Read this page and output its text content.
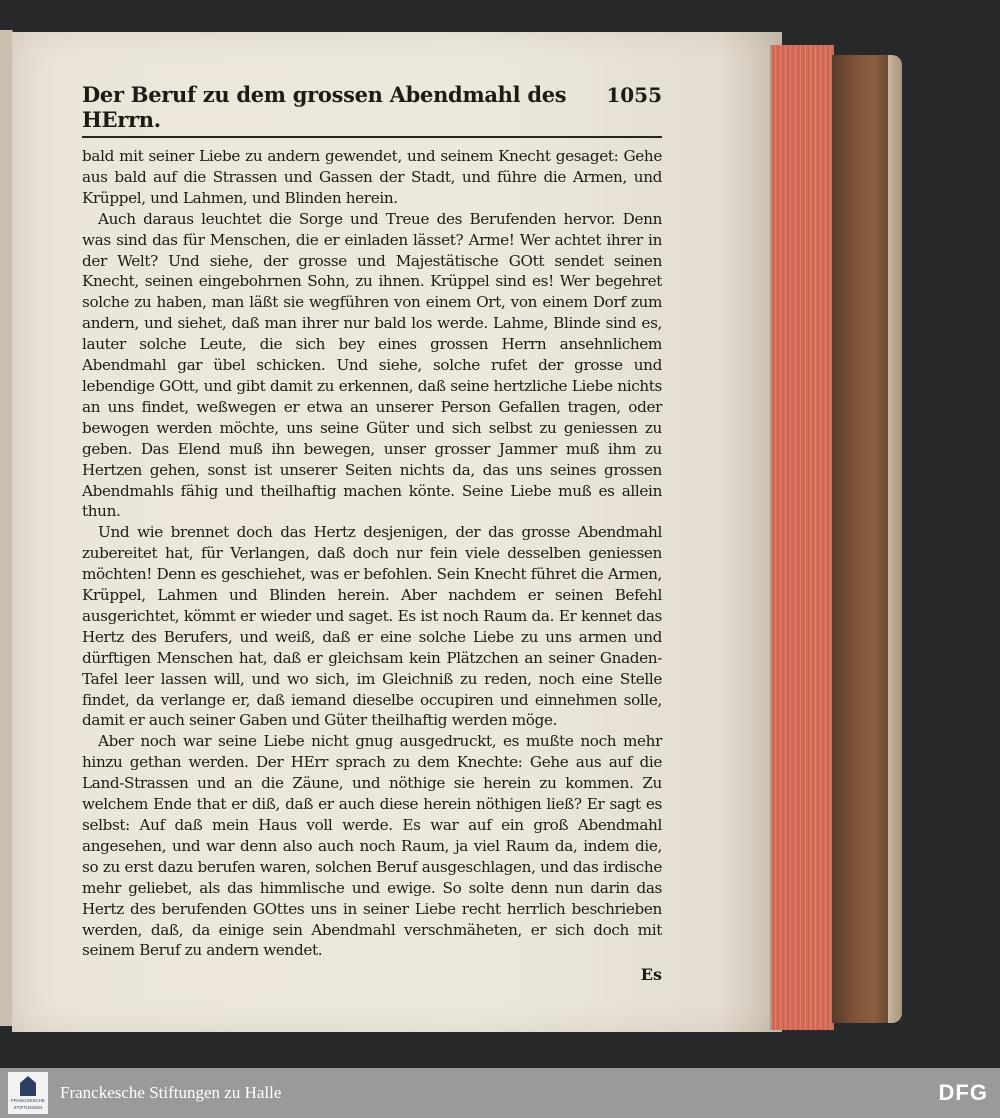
Der Beruf zu dem grossen Abendmahl des HErrn.
1055

bald mit seiner Liebe zu andern gewendet, und seinem Knecht gesaget: Gehe aus bald auf die Strassen und Gassen der Stadt, und führe die Armen, und Krüppel, und Lahmen, und Blinden herein.

Auch daraus leuchtet die Sorge und Treue des Berufenden hervor. Denn was sind das für Menschen, die er einladen lässet? Arme! Wer achtet ihrer in der Welt? Und siehe, der grosse und Majestätische GOtt sendet seinen Knecht, seinen eingebohrnen Sohn, zu ihnen. Krüppel sind es! Wer begehret solche zu haben, man läßt sie wegführen von einem Ort, von einem Dorf zum andern, und siehet, daß man ihrer nur bald los werde. Lahme, Blinde sind es, lauter solche Leute, die sich bey eines grossen Herrn ansehnlichem Abendmahl gar übel schicken. Und siehe, solche rufet der grosse und lebendige GOtt, und gibt damit zu erkennen, daß seine hertzliche Liebe nichts an uns findet, weßwegen er etwa an unserer Person Gefallen tragen, oder bewogen werden möchte, uns seine Güter und sich selbst zu geniessen zu geben. Das Elend muß ihn bewegen, unser grosser Jammer muß ihm zu Hertzen gehen, sonst ist unserer Seiten nichts da, das uns seines grossen Abendmahls fähig und theilhaftig machen könte. Seine Liebe muß es allein thun.

Und wie brennet doch das Hertz desjenigen, der das grosse Abendmahl zubereitet hat, für Verlangen, daß doch nur fein viele desselben geniessen möchten! Denn es geschiehet, was er befohlen. Sein Knecht führet die Armen, Krüppel, Lahmen und Blinden herein. Aber nachdem er seinen Befehl ausgerichtet, kömmt er wieder und saget. Es ist noch Raum da. Er kennet das Hertz des Berufers, und weiß, daß er eine solche Liebe zu uns armen und dürftigen Menschen hat, daß er gleichsam kein Plätzchen an seiner Gnaden-Tafel leer lassen will, und wo sich, im Gleichniß zu reden, noch eine Stelle findet, da verlange er, daß iemand dieselbe occupiren und einnehmen solle, damit er auch seiner Gaben und Güter theilhaftig werden möge.

Aber noch war seine Liebe nicht gnug ausgedruckt, es mußte noch mehr hinzu gethan werden. Der HErr sprach zu dem Knechte: Gehe aus auf die Land-Strassen und an die Zäune, und nöthige sie herein zu kommen. Zu welchem Ende that er diß, daß er auch diese herein nöthigen ließ? Er sagt es selbst: Auf daß mein Haus voll werde. Es war auf ein groß Abendmahl angesehen, und war denn also auch noch Raum, ja viel Raum da, indem die, so zu erst dazu berufen waren, solchen Beruf ausgeschlagen, und das irdische mehr geliebet, als das himmlische und ewige. So solte denn nun darin das Hertz des berufenden GOttes uns in seiner Liebe recht herrlich beschrieben werden, daß, da einige sein Abendmahl verschmäheten, er sich doch mit seinem Beruf zu andern wendet.

Es
FRANCKESCHE
STIFTUNGEN
Franckesche Stiftungen zu Halle	DFG
